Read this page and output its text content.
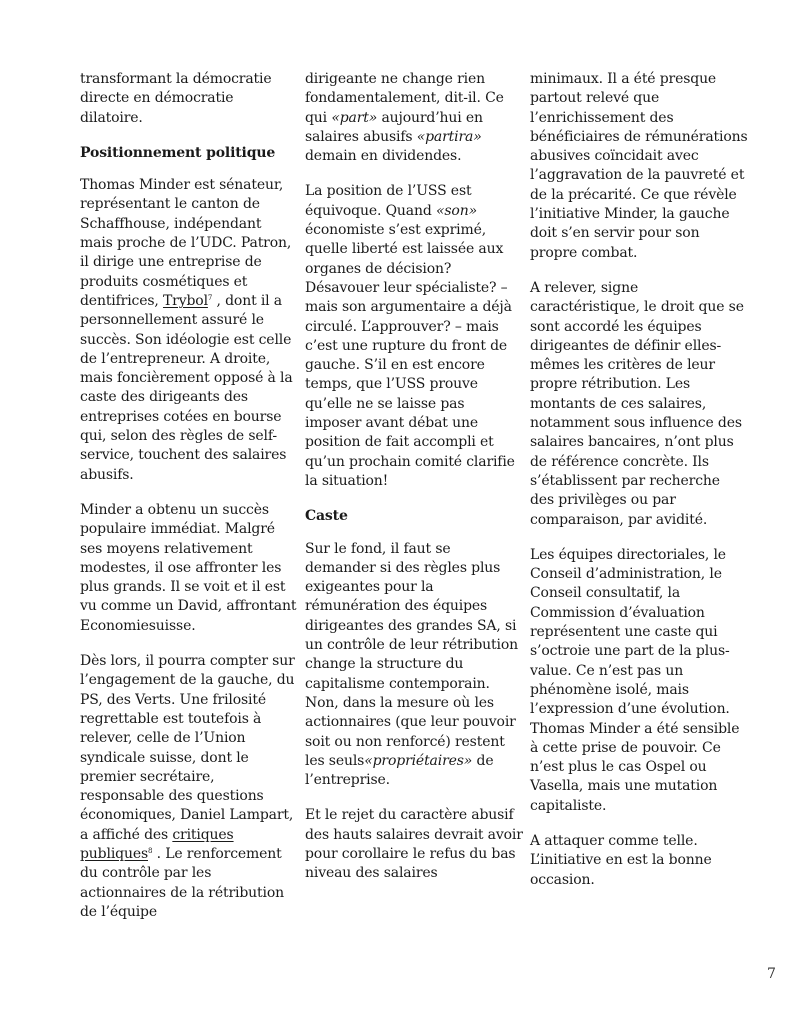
transformant la démocratie directe en démocratie dilatoire.

Positionnement politique

Thomas Minder est sénateur, représentant le canton de Schaffhouse, indépendant mais proche de l’UDC. Patron, il dirige une entreprise de produits cosmétiques et dentifrices, Trybol$^7$ , dont il a personnellement assuré le succès. Son idéologie est celle de l’entrepreneur. A droite, mais foncièrement opposé à la caste des dirigeants des entreprises cotées en bourse qui, selon des règles de self-service, touchent des salaires abusifs.

Minder a obtenu un succès populaire immédiat. Malgré ses moyens relativement modestes, il ose affronter les plus grands. Il se voit et il est vu comme un David, affrontant Economiesuisse.

Dès lors, il pourra compter sur l’engagement de la gauche, du PS, des Verts. Une frilosité regrettable est toutefois à relever, celle de l’Union syndicale suisse, dont le premier secrétaire, responsable des questions économiques, Daniel Lampart, a affiché des critiques publiques$^8$ . Le renforcement du contrôle par les actionnaires de la rétribution de l’équipe

dirigeante ne change rien fondamentalement, dit-il. Ce qui «part» aujourd’hui en salaires abusifs «partira» demain en dividendes.

La position de l’USS est équivoque. Quand «son» économiste s’est exprimé, quelle liberté est laissée aux organes de décision? Désavouer leur spécialiste? – mais son argumentaire a déjà circulé. L’approuver? – mais c’est une rupture du front de gauche. S’il en est encore temps, que l’USS prouve qu’elle ne se laisse pas imposer avant débat une position de fait accompli et qu’un prochain comité clarifie la situation!

Caste

Sur le fond, il faut se demander si des règles plus exigeantes pour la rémunération des équipes dirigeantes des grandes SA, si un contrôle de leur rétribution change la structure du capitalisme contemporain. Non, dans la mesure où les actionnaires (que leur pouvoir soit ou non renforcé) restent les seuls«propriétaires» de l’entreprise.

Et le rejet du caractère abusif des hauts salaires devrait avoir pour corollaire le refus du bas niveau des salaires

minimaux. Il a été presque partout relevé que l’enrichissement des bénéficiaires de rémunérations abusives coïncidait avec l’aggravation de la pauvreté et de la précarité. Ce que révèle l’initiative Minder, la gauche doit s’en servir pour son propre combat.

A relever, signe caractéristique, le droit que se sont accordé les équipes dirigeantes de définir elles-mêmes les critères de leur propre rétribution. Les montants de ces salaires, notamment sous influence des salaires bancaires, n’ont plus de référence concrète. Ils s’établissent par recherche des privilèges ou par comparaison, par avidité.

Les équipes directoriales, le Conseil d’administration, le Conseil consultatif, la Commission d’évaluation représentent une caste qui s’octroie une part de la plus-value. Ce n’est pas un phénomène isolé, mais l’expression d’une évolution. Thomas Minder a été sensible à cette prise de pouvoir. Ce n’est plus le cas Ospel ou Vasella, mais une mutation capitaliste.

A attaquer comme telle. L’initiative en est la bonne occasion.

7
